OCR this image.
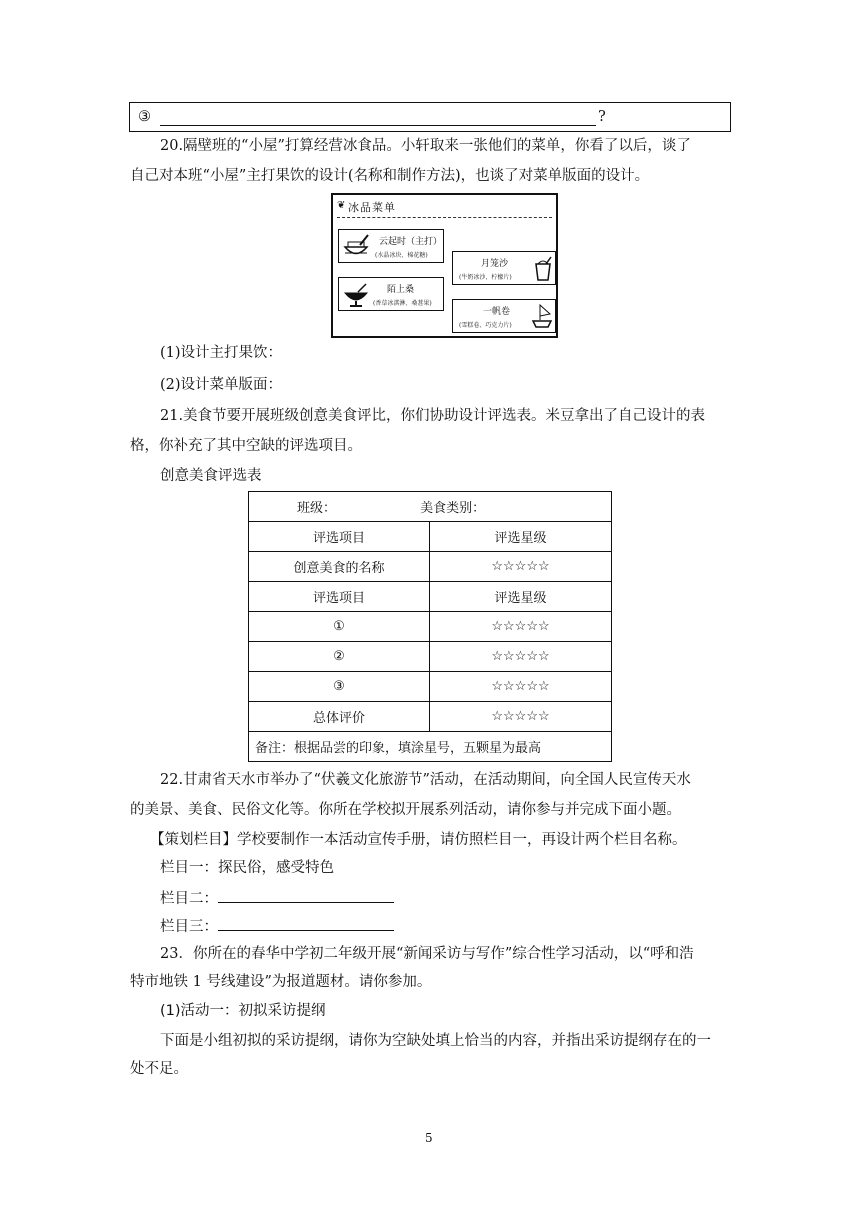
③	?
20.隔壁班的“小屋”打算经营冰食品。小轩取来一张他们的菜单，你看了以后，谈了
自己对本班“小屋”主打果饮的设计(名称和制作方法)，也谈了对菜单版面的设计。
❦ 冰品菜单
云起时（主打）
(水晶冰块、棉花糖)
陌上桑
(香草冰淇淋、桑葚果)
月笼沙
(牛奶冰沙、柠檬片)
一帆卷
(雪糕卷、巧克力片)
(1)设计主打果饮：
(2)设计菜单版面：
21.美食节要开展班级创意美食评比，你们协助设计评选表。米豆拿出了自己设计的表
格，你补充了其中空缺的评选项目。
创意美食评选表
班级： 美食类别：	
评选项目	评选星级
创意美食的名称	☆☆☆☆☆
评选项目	评选星级
①	☆☆☆☆☆
②	☆☆☆☆☆
③	☆☆☆☆☆
总体评价	☆☆☆☆☆
备注：根据品尝的印象，填涂星号，五颗星为最高	
22.甘肃省天水市举办了“伏羲文化旅游节”活动，在活动期间，向全国人民宣传天水
的美景、美食、民俗文化等。你所在学校拟开展系列活动，请你参与并完成下面小题。
【策划栏目】学校要制作一本活动宣传手册，请仿照栏目一，再设计两个栏目名称。
栏目一：探民俗，感受特色
栏目二：
栏目三：
23．你所在的春华中学初二年级开展“新闻采访与写作”综合性学习活动，以“呼和浩
特市地铁 1 号线建设”为报道题材。请你参加。
(1)活动一：初拟采访提纲
下面是小组初拟的采访提纲，请你为空缺处填上恰当的内容，并指出采访提纲存在的一
处不足。
5
